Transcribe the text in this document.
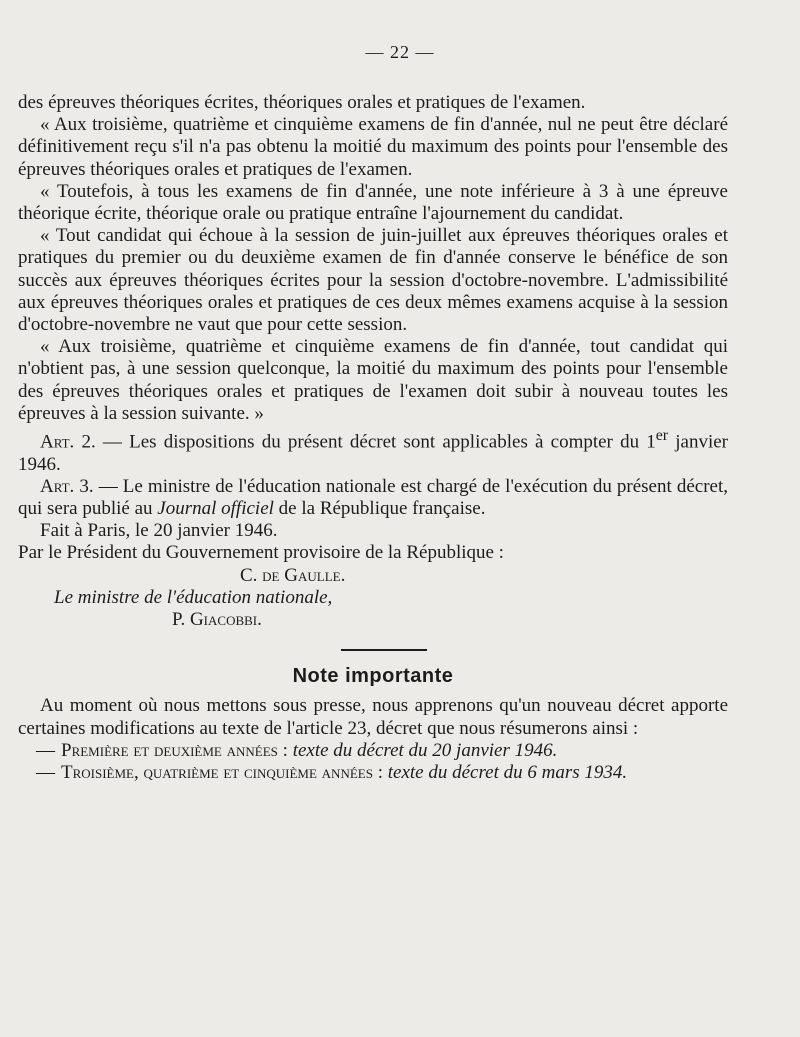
— 22 —

des épreuves théoriques écrites, théoriques orales et pratiques de l'examen.

« Aux troisième, quatrième et cinquième examens de fin d'année, nul ne peut être déclaré définitivement reçu s'il n'a pas obtenu la moitié du maximum des points pour l'ensemble des épreuves théoriques orales et pratiques de l'examen.

« Toutefois, à tous les examens de fin d'année, une note inférieure à 3 à une épreuve théorique écrite, théorique orale ou pratique entraîne l'ajournement du candidat.

« Tout candidat qui échoue à la session de juin-juillet aux épreuves théoriques orales et pratiques du premier ou du deuxième examen de fin d'année conserve le bénéfice de son succès aux épreuves théoriques écrites pour la session d'octobre-novembre. L'admissibilité aux épreuves théoriques orales et pratiques de ces deux mêmes examens acquise à la session d'octobre-novembre ne vaut que pour cette session.

« Aux troisième, quatrième et cinquième examens de fin d'année, tout candidat qui n'obtient pas, à une session quelconque, la moitié du maximum des points pour l'ensemble des épreuves théoriques orales et pratiques de l'examen doit subir à nouveau toutes les épreuves à la session suivante. »

Art. 2. — Les dispositions du présent décret sont applicables à compter du 1er janvier 1946.

Art. 3. — Le ministre de l'éducation nationale est chargé de l'exécution du présent décret, qui sera publié au Journal officiel de la République française.

Fait à Paris, le 20 janvier 1946.

Par le Président du Gouvernement provisoire de la République :

C. de Gaulle.

Le ministre de l'éducation nationale,

P. Giacobbi.

Note importante

Au moment où nous mettons sous presse, nous apprenons qu'un nouveau décret apporte certaines modifications au texte de l'article 23, décret que nous résumerons ainsi :

— Première et deuxième années : texte du décret du 20 janvier 1946.

— Troisième, quatrième et cinquième années : texte du décret du 6 mars 1934.
